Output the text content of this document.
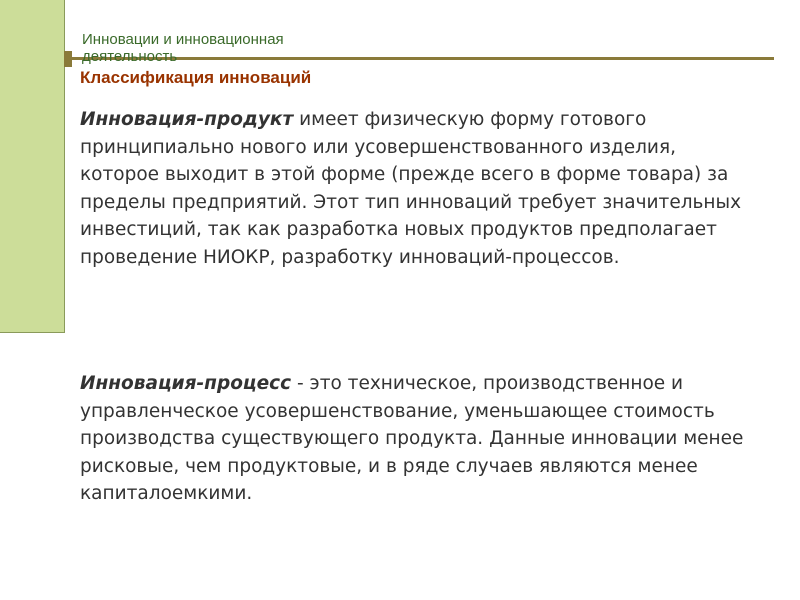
Инновации и инновационная деятельность
Классификация инноваций

Инновация-продукт имеет физическую форму готового принципиально нового или усовершенствованного изделия, которое выходит в этой форме (прежде всего в форме товара) за пределы предприятий. Этот тип инноваций требует значительных инвестиций, так как разработка новых продуктов предполагает проведение НИОКР, разработку инноваций-процессов.

Инновация-процесс - это техническое, производственное и управленческое усовершенствование, уменьшающее стоимость производства существующего продукта. Данные инновации менее рисковые, чем продуктовые, и в ряде случаев являются менее капиталоемкими.
